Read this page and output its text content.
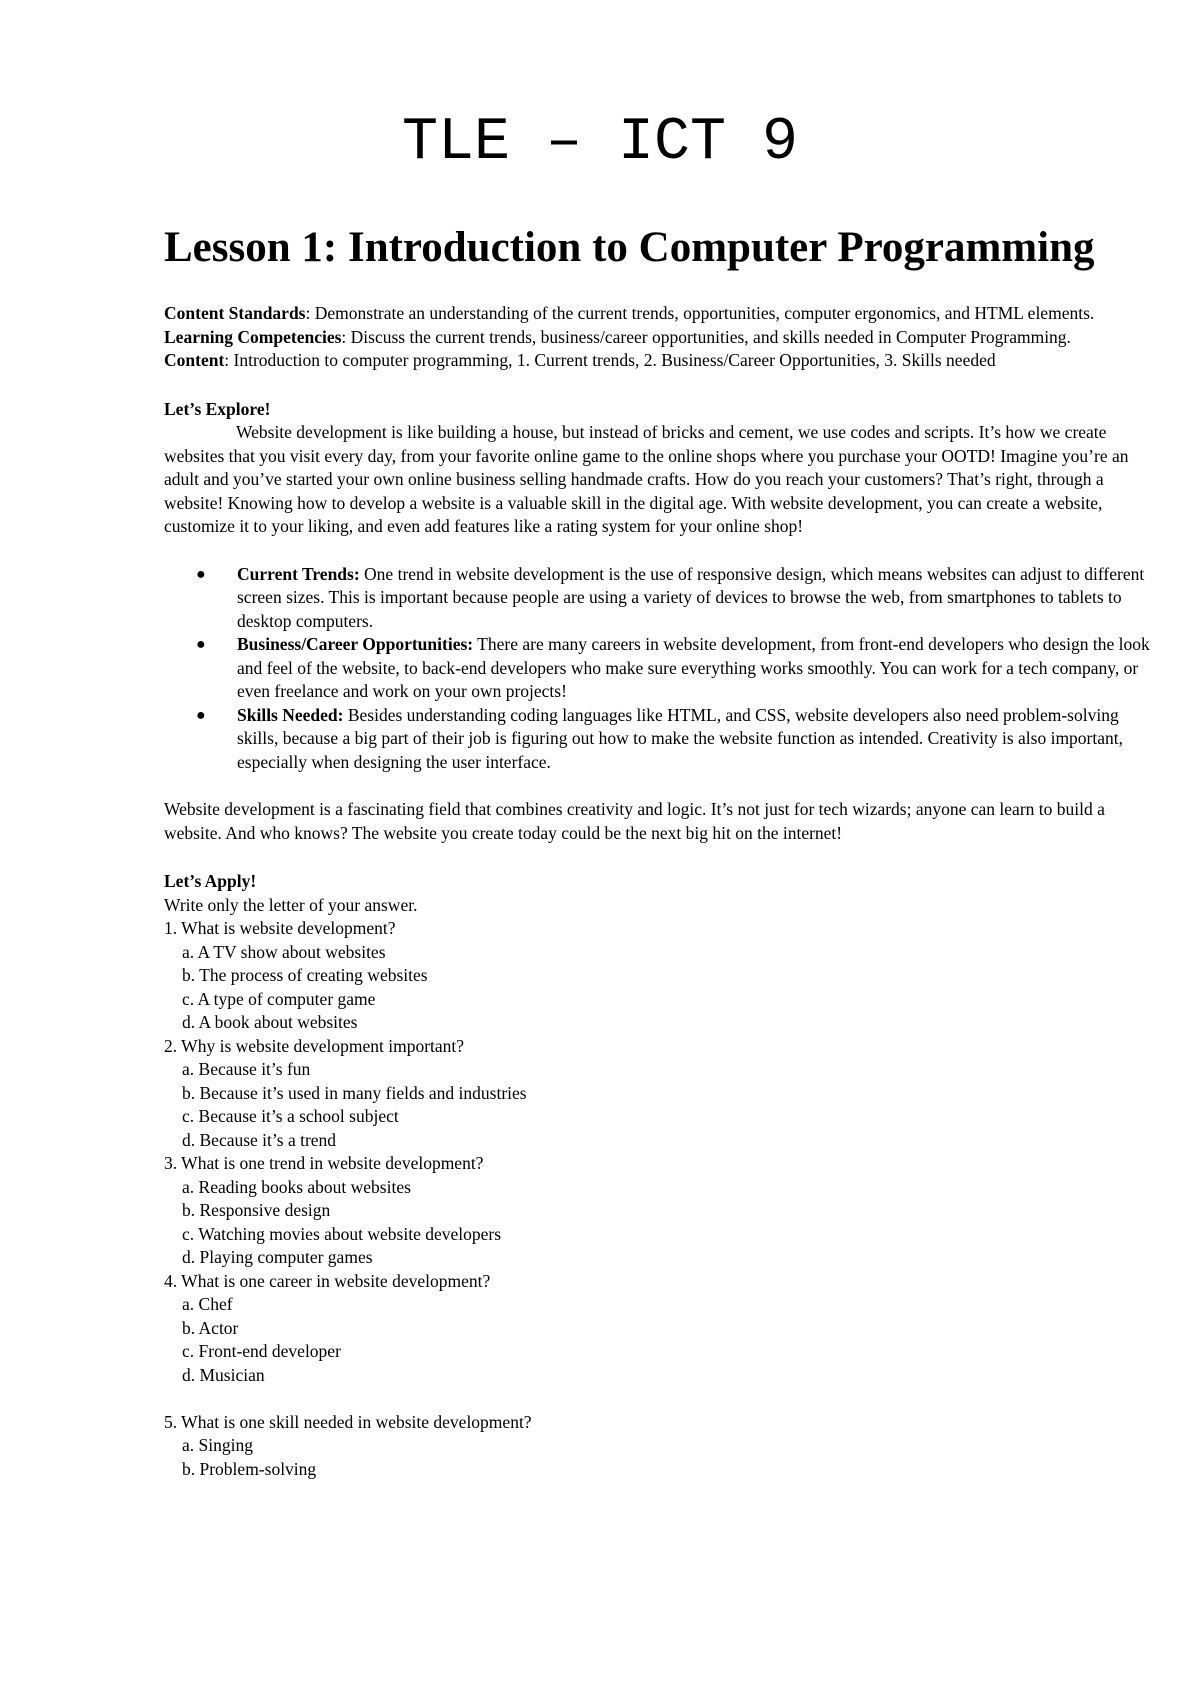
TLE – ICT 9
Lesson 1: Introduction to Computer Programming

Content Standards: Demonstrate an understanding of the current trends, opportunities, computer ergonomics, and HTML elements.

Learning Competencies: Discuss the current trends, business/career opportunities, and skills needed in Computer Programming.

Content: Introduction to computer programming, 1. Current trends, 2. Business/Career Opportunities, 3. Skills needed

Let’s Explore!

Website development is like building a house, but instead of bricks and cement, we use codes and scripts. It’s how we create websites that you visit every day, from your favorite online game to the online shops where you purchase your OOTD! Imagine you’re an adult and you’ve started your own online business selling handmade crafts. How do you reach your customers? That’s right, through a website! Knowing how to develop a website is a valuable skill in the digital age. With website development, you can create a website, customize it to your liking, and even add features like a rating system for your online shop!

● Current Trends: One trend in website development is the use of responsive design, which means websites can adjust to different screen sizes. This is important because people are using a variety of devices to browse the web, from smartphones to tablets to desktop computers.
● Business/Career Opportunities: There are many careers in website development, from front-end developers who design the look and feel of the website, to back-end developers who make sure everything works smoothly. You can work for a tech company, or even freelance and work on your own projects!
● Skills Needed: Besides understanding coding languages like HTML, and CSS, website developers also need problem-solving skills, because a big part of their job is figuring out how to make the website function as intended. Creativity is also important, especially when designing the user interface.

Website development is a fascinating field that combines creativity and logic. It’s not just for tech wizards; anyone can learn to build a website. And who knows? The website you create today could be the next big hit on the internet!

Let’s Apply!

Write only the letter of your answer.

1. What is website development?

a. A TV show about websites

b. The process of creating websites

c. A type of computer game

d. A book about websites

2. Why is website development important?

a. Because it’s fun

b. Because it’s used in many fields and industries

c. Because it’s a school subject

d. Because it’s a trend

3. What is one trend in website development?

a. Reading books about websites

b. Responsive design

c. Watching movies about website developers

d. Playing computer games

4. What is one career in website development?

a. Chef

b. Actor

c. Front-end developer

d. Musician

5. What is one skill needed in website development?

a. Singing

b. Problem-solving
